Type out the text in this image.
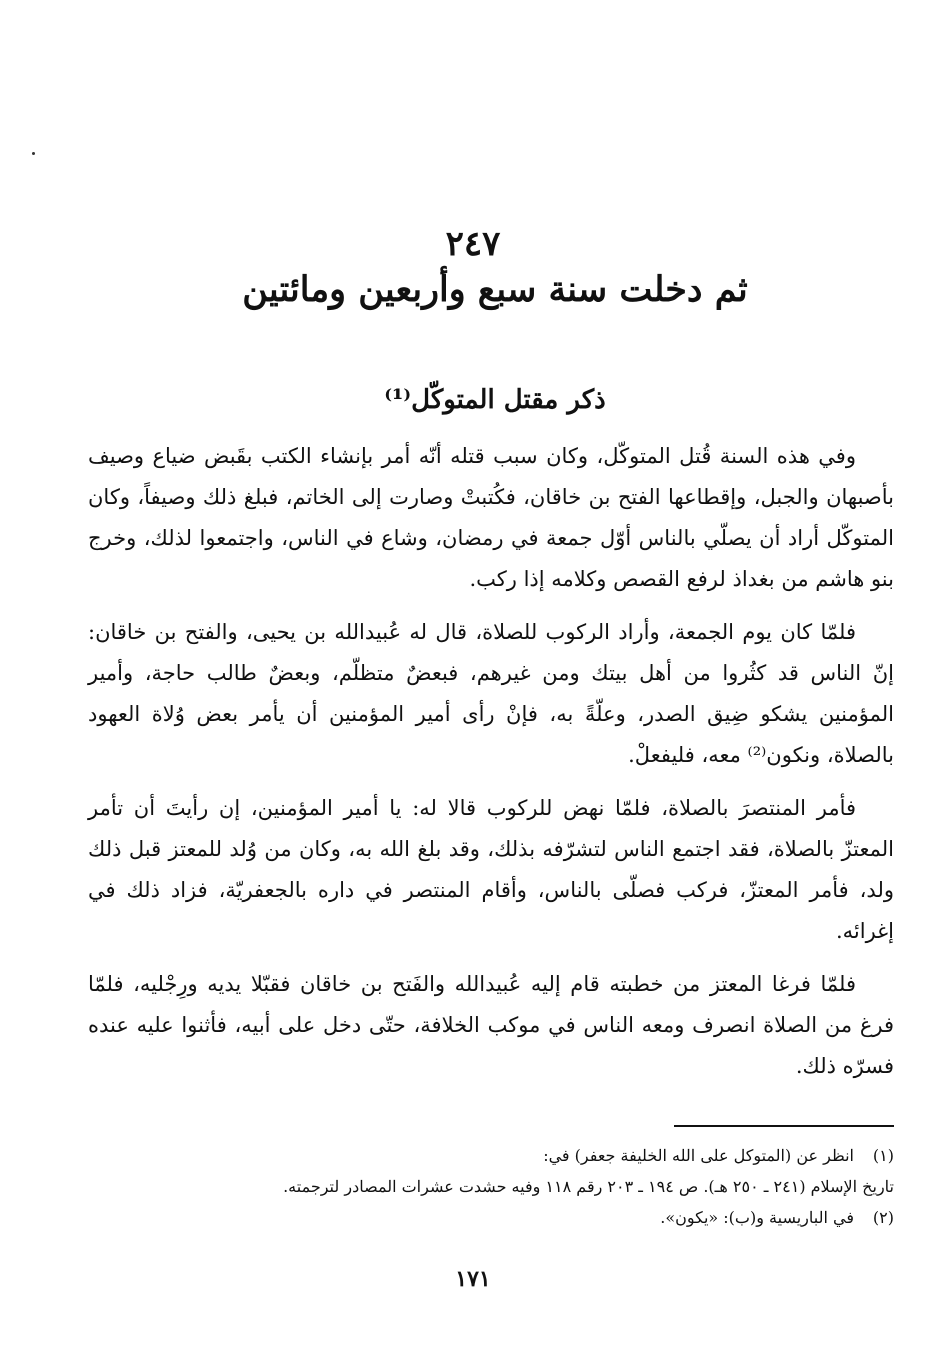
٢٤٧
ثم دخلت سنة سبع وأربعين ومائتين
ذكر مقتل المتوكّل⁽¹⁾

وفي هذه السنة قُتل المتوكّل، وكان سبب قتله أنّه أمر بإنشاء الكتب بقَبض ضياع وصيف بأصبهان والجبل، وإقطاعها الفتح بن خاقان، فكُتبتْ وصارت إلى الخاتم، فبلغ ذلك وصيفاً، وكان المتوكّل أراد أن يصلّي بالناس أوّل جمعة في رمضان، وشاع في الناس، واجتمعوا لذلك، وخرج بنو هاشم من بغداذ لرفع القصص وكلامه إذا ركب.

فلمّا كان يوم الجمعة، وأراد الركوب للصلاة، قال له عُبيدالله بن يحيى، والفتح بن خاقان: إنّ الناس قد كثُروا من أهل بيتك ومن غيرهم، فبعضٌ متظلّم، وبعضٌ طالب حاجة، وأمير المؤمنين يشكو ضِيق الصدر، وعلّةً به، فإنْ رأى أمير المؤمنين أن يأمر بعض وُلاة العهود بالصلاة، ونكون⁽²⁾ معه، فليفعلْ.

فأمر المنتصرَ بالصلاة، فلمّا نهض للركوب قالا له: يا أمير المؤمنين، إن رأيتَ أن تأمر المعتزّ بالصلاة، فقد اجتمع الناس لتشرّفه بذلك، وقد بلغ الله به، وكان من وُلد للمعتز قبل ذلك ولد، فأمر المعتزّ، فركب فصلّى بالناس، وأقام المنتصر في داره بالجعفريّة، فزاد ذلك في إغرائه.

فلمّا فرغا المعتز من خطبته قام إليه عُبيدالله والفَتح بن خاقان فقبّلا يديه ورِجْليه، فلمّا فرغ من الصلاة انصرف ومعه الناس في موكب الخلافة، حتّى دخل على أبيه، فأثنوا عليه عنده فسرّه ذلك.

(١)
انظر عن (المتوكل على الله الخليفة جعفر) في:
تاريخ الإسلام (٢٤١ ـ ٢٥٠ هـ). ص ١٩٤ ـ ٢٠٣ رقم ١١٨ وفيه حشدت عشرات المصادر لترجمته.
(٢)
في الباريسية و(ب): «يكون».
١٧١
